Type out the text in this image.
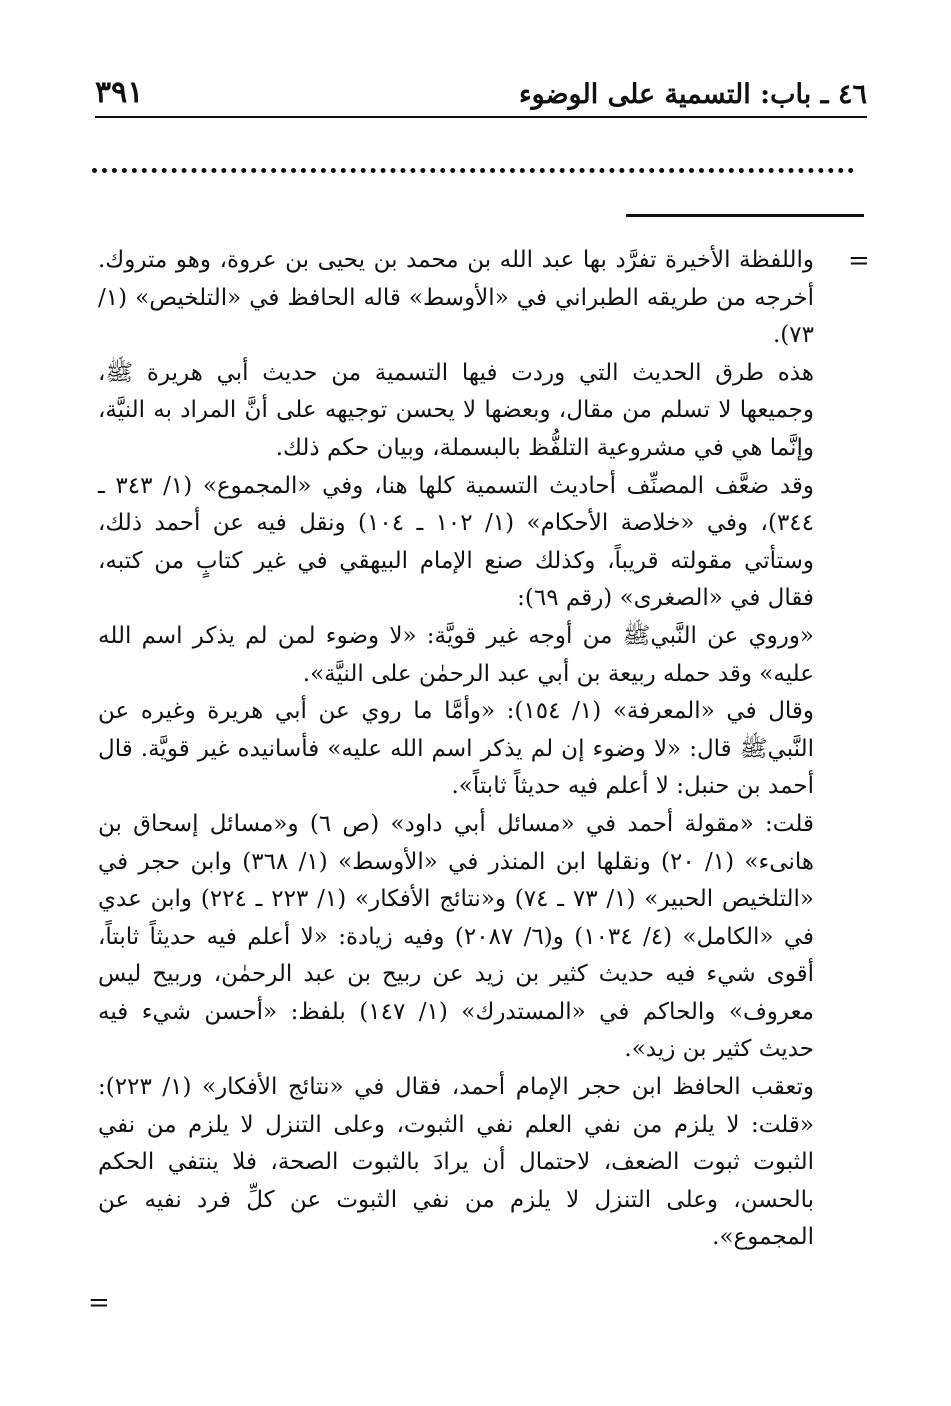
٣٩١	٤٦ ـ باب: التسمية على الوضوء
=

واللفظة الأخيرة تفرَّد بها عبد الله بن محمد بن يحيى بن عروة، وهو متروك. أخرجه من طريقه الطبراني في «الأوسط» قاله الحافظ في «التلخيص» (١/ ٧٣).

هذه طرق الحديث التي وردت فيها التسمية من حديث أبي هريرة ﷺ، وجميعها لا تسلم من مقال، وبعضها لا يحسن توجيهه على أنَّ المراد به النيَّة، وإنَّما هي في مشروعية التلفُّظ بالبسملة، وبيان حكم ذلك.

وقد ضعَّف المصنِّف أحاديث التسمية كلها هنا، وفي «المجموع» (١/ ٣٤٣ ـ ٣٤٤)، وفي «خلاصة الأحكام» (١/ ١٠٢ ـ ١٠٤) ونقل فيه عن أحمد ذلك، وستأتي مقولته قريباً، وكذلك صنع الإمام البيهقي في غير كتابٍ من كتبه، فقال في «الصغرى» (رقم ٦٩):

«وروي عن النَّبيﷺ من أوجه غير قويَّة: «لا وضوء لمن لم يذكر اسم الله عليه» وقد حمله ربيعة بن أبي عبد الرحمٰن على النيَّة».

وقال في «المعرفة» (١/ ١٥٤): «وأمَّا ما روي عن أبي هريرة وغيره عن النَّبيﷺ قال: «لا وضوء إن لم يذكر اسم الله عليه» فأسانيده غير قويَّة. قال أحمد بن حنبل: لا أعلم فيه حديثاً ثابتاً».

قلت: «مقولة أحمد في «مسائل أبي داود» (ص ٦) و«مسائل إسحاق بن هانىء» (١/ ٢٠) ونقلها ابن المنذر في «الأوسط» (١/ ٣٦٨) وابن حجر في «التلخيص الحبير» (١/ ٧٣ ـ ٧٤) و«نتائج الأفكار» (١/ ٢٢٣ ـ ٢٢٤) وابن عدي في «الكامل» (٤/ ١٠٣٤) و(٦/ ٢٠٨٧) وفيه زيادة: «لا أعلم فيه حديثاً ثابتاً، أقوى شيء فيه حديث كثير بن زيد عن ربيح بن عبد الرحمٰن، وربيح ليس معروف» والحاكم في «المستدرك» (١/ ١٤٧) بلفظ: «أحسن شيء فيه حديث كثير بن زيد».

وتعقب الحافظ ابن حجر الإمام أحمد، فقال في «نتائج الأفكار» (١/ ٢٢٣): «قلت: لا يلزم من نفي العلم نفي الثبوت، وعلى التنزل لا يلزم من نفي الثبوت ثبوت الضعف، لاحتمال أن يرادَ بالثبوت الصحة، فلا ينتفي الحكم بالحسن، وعلى التنزل لا يلزم من نفي الثبوت عن كلِّ فرد نفيه عن المجموع».

=
